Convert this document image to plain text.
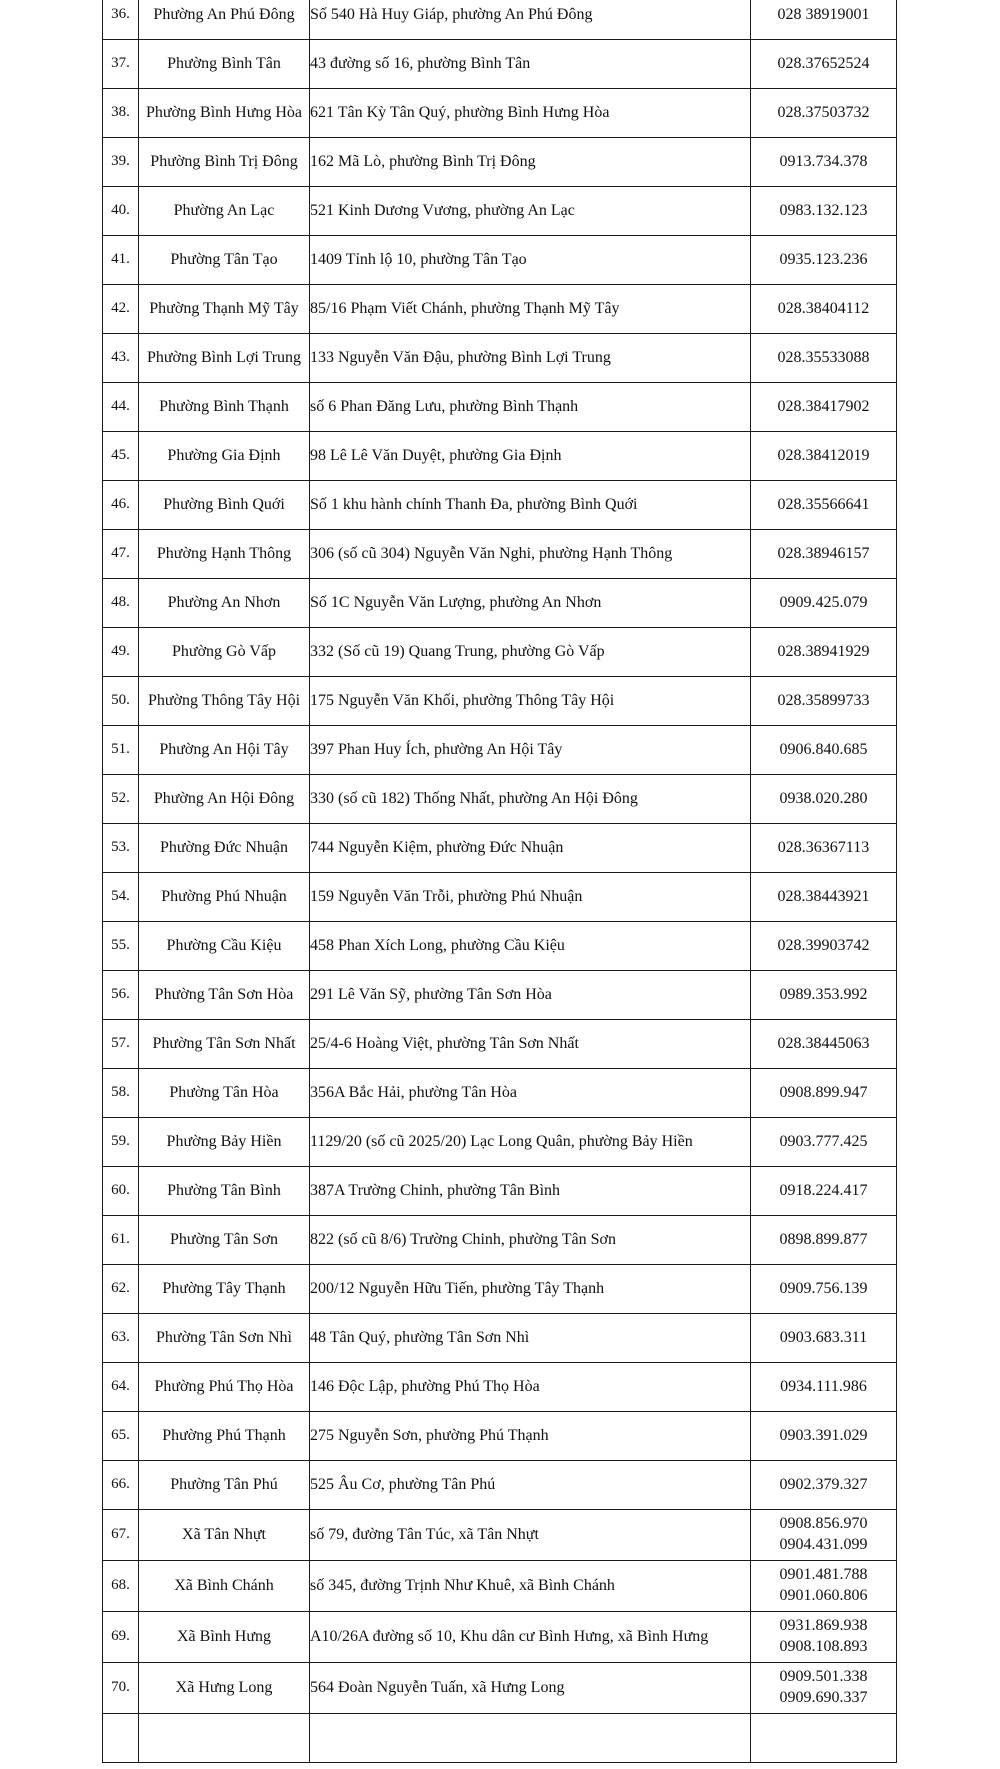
36.	Phường An Phú Đông	Số 540 Hà Huy Giáp, phường An Phú Đông	028 38919001

37.	Phường Bình Tân	43 đường số 16, phường Bình Tân	028.37652524

38.	Phường Bình Hưng Hòa	621 Tân Kỳ Tân Quý, phường Bình Hưng Hòa	028.37503732

39.	Phường Bình Trị Đông	162 Mã Lò, phường Bình Trị Đông	0913.734.378

40.	Phường An Lạc	521 Kinh Dương Vương, phường An Lạc	0983.132.123

41.	Phường Tân Tạo	1409 Tỉnh lộ 10, phường Tân Tạo	0935.123.236

42.	Phường Thạnh Mỹ Tây	85/16 Phạm Viết Chánh, phường Thạnh Mỹ Tây	028.38404112

43.	Phường Bình Lợi Trung	133 Nguyễn Văn Đậu, phường Bình Lợi Trung	028.35533088

44.	Phường Bình Thạnh	số 6 Phan Đăng Lưu, phường Bình Thạnh	028.38417902

45.	Phường Gia Định	98 Lê Lê Văn Duyệt, phường Gia Định	028.38412019

46.	Phường Bình Quới	Số 1 khu hành chính Thanh Đa, phường Bình Quới	028.35566641

47.	Phường Hạnh Thông	306 (số cũ 304) Nguyễn Văn Nghi, phường Hạnh Thông	028.38946157

48.	Phường An Nhơn	Số 1C Nguyễn Văn Lượng, phường An Nhơn	0909.425.079

49.	Phường Gò Vấp	332 (Số cũ 19) Quang Trung, phường Gò Vấp	028.38941929

50.	Phường Thông Tây Hội	175 Nguyễn Văn Khối, phường Thông Tây Hội	028.35899733

51.	Phường An Hội Tây	397 Phan Huy Ích, phường An Hội Tây	0906.840.685

52.	Phường An Hội Đông	330 (số cũ 182) Thống Nhất, phường An Hội Đông	0938.020.280

53.	Phường Đức Nhuận	744 Nguyễn Kiệm, phường Đức Nhuận	028.36367113

54.	Phường Phú Nhuận	159 Nguyễn Văn Trỗi, phường Phú Nhuận	028.38443921

55.	Phường Cầu Kiệu	458 Phan Xích Long, phường Cầu Kiệu	028.39903742

56.	Phường Tân Sơn Hòa	291 Lê Văn Sỹ, phường Tân Sơn Hòa	0989.353.992

57.	Phường Tân Sơn Nhất	25/4-6 Hoàng Việt, phường Tân Sơn Nhất	028.38445063

58.	Phường Tân Hòa	356A Bắc Hải, phường Tân Hòa	0908.899.947

59.	Phường Bảy Hiền	1129/20 (số cũ 2025/20) Lạc Long Quân, phường Bảy Hiền	0903.777.425

60.	Phường Tân Bình	387A Trường Chinh, phường Tân Bình	0918.224.417

61.	Phường Tân Sơn	822 (số cũ 8/6) Trường Chinh, phường Tân Sơn	0898.899.877

62.	Phường Tây Thạnh	200/12 Nguyễn Hữu Tiến, phường Tây Thạnh	0909.756.139

63.	Phường Tân Sơn Nhì	48 Tân Quý, phường Tân Sơn Nhì	0903.683.311

64.	Phường Phú Thọ Hòa	146 Độc Lập, phường Phú Thọ Hòa	0934.111.986

65.	Phường Phú Thạnh	275 Nguyễn Sơn, phường Phú Thạnh	0903.391.029

66.	Phường Tân Phú	525 Âu Cơ, phường Tân Phú	0902.379.327

67.	Xã Tân Nhựt	số 79, đường Tân Túc, xã Tân Nhựt	0908.856.970
0904.431.099

68.	Xã Bình Chánh	số 345, đường Trịnh Như Khuê, xã Bình Chánh	0901.481.788
0901.060.806

69.	Xã Bình Hưng	A10/26A đường số 10, Khu dân cư Bình Hưng, xã Bình Hưng	0931.869.938
0908.108.893

70.	Xã Hưng Long	564 Đoàn Nguyễn Tuấn, xã Hưng Long	0909.501.338
0909.690.337
